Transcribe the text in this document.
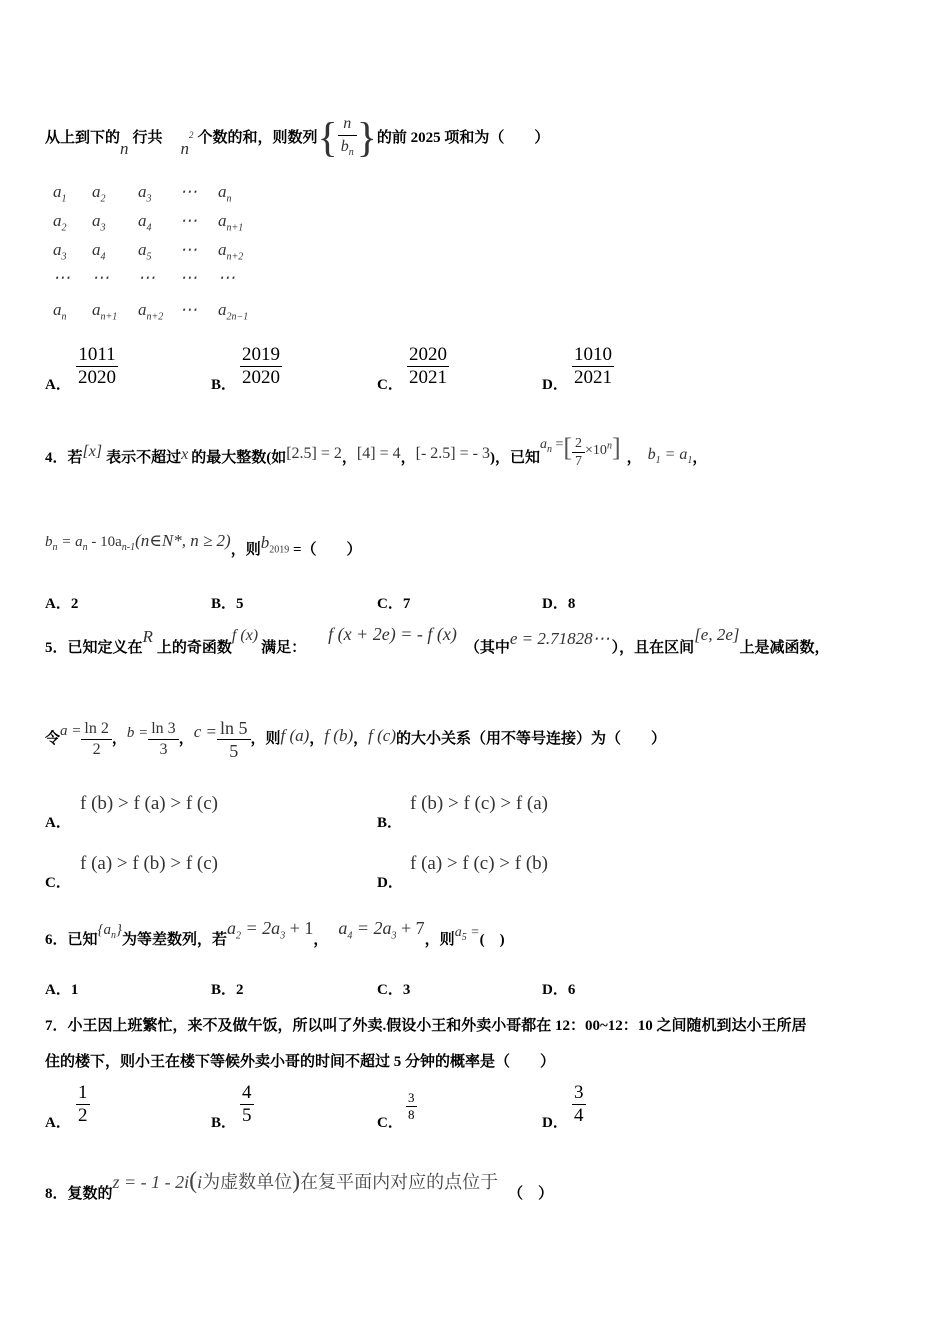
从上到下的n行共$n^2$ 个数的和，则数列{ $\frac{n}{b_n}$ }的前 2025 项和为（　　）
$a_1$ $a_2$ $a_3$ ⋯ $a_n$
$a_2$ $a_3$ $a_4$ ⋯ $a_{n+1}$
$a_3$ $a_4$ $a_5$ ⋯ $a_{n+2}$
⋯ ⋯ ⋯ ⋯ ⋯
$a_n$ $a_{n+1}$ $a_{n+2}$ ⋯ $a_{2n-1}$
A． $\frac{1011}{2020}$	B． $\frac{2019}{2020}$	C． $\frac{2020}{2021}$	D． $\frac{1010}{2021}$
4．若[x] 表示不超过x 的最大整数(如[2.5] = 2，[4] = 4，[- 2.5] = - 3)，已知$a_n$ =[ $\frac{2}{7} \times 10^n$] ， $b_1 = a_1$，
$b_n = a_n$ - $10a_{n-1}(n\in N*$, n ≥ 2)，则$b_{2019}$ =（　　）
A．2	B．5	C．7	D．8
5．已知定义在R上的奇函数f (x)满足：f (x + 2e) = - f (x)（其中e = 2.71828⋯ ），且在区间[e, 2e]上是减函数，
令$a = \frac{\ln 2}{2}$ ，$b = \frac{\ln 3}{3}$ ，$c = \frac{\ln 5}{5}$ ，则f (a)，f (b)，f (c)的大小关系（用不等号连接）为（　　）
A．
f (b) > f (a) > f (c)
B．
f (b) > f (c) > f (a)
C．
f (a) > f (b) > f (c)
D．
f (a) > f (c) > f (b)
6．已知$\{a_n\}$为等差数列，若$a_2 = 2a_3 + 1$，$a_4 = 2a_3 + 7$，则$a_5$ =(　)
A．1	B．2	C．3	D．6
7．小王因上班繁忙，来不及做午饭，所以叫了外卖.假设小王和外卖小哥都在 12：00~12：10 之间随机到达小王所居
住的楼下，则小王在楼下等候外卖小哥的时间不超过 5 分钟的概率是（　　）
A． $\frac{1}{2}$	B． $\frac{4}{5}$	C． $\frac{3}{8}$	D． $\frac{3}{4}$
8．复数的z = - 1 - 2i(i为虚数单位)在复平面内对应的点位于（　）
